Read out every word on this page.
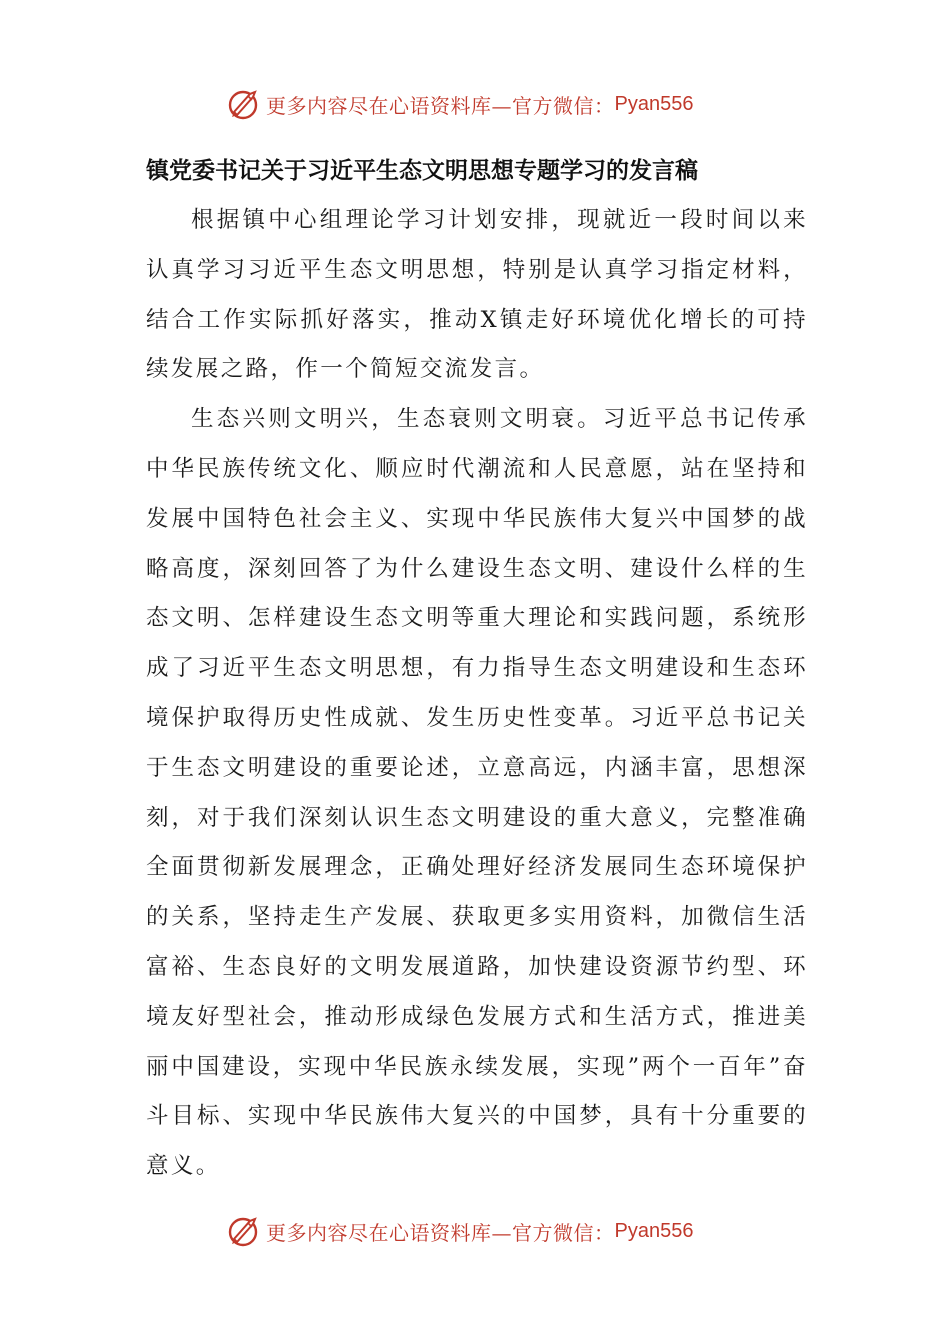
更多内容尽在心语资料库—官方微信： Pyan556
镇党委书记关于习近平生态文明思想专题学习的发言稿

根据镇中心组理论学习计划安排，现就近一段时间以来认真学习习近平生态文明思想，特别是认真学习指定材料，结合工作实际抓好落实，推动X镇走好环境优化增长的可持续发展之路，作一个简短交流发言。

生态兴则文明兴，生态衰则文明衰。习近平总书记传承中华民族传统文化、顺应时代潮流和人民意愿，站在坚持和发展中国特色社会主义、实现中华民族伟大复兴中国梦的战略高度，深刻回答了为什么建设生态文明、建设什么样的生态文明、怎样建设生态文明等重大理论和实践问题，系统形成了习近平生态文明思想，有力指导生态文明建设和生态环境保护取得历史性成就、发生历史性变革。习近平总书记关于生态文明建设的重要论述，立意高远，内涵丰富，思想深刻，对于我们深刻认识生态文明建设的重大意义，完整准确全面贯彻新发展理念，正确处理好经济发展同生态环境保护的关系，坚持走生产发展、获取更多实用资料，加微信生活富裕、生态良好的文明发展道路，加快建设资源节约型、环境友好型社会，推动形成绿色发展方式和生活方式，推进美丽中国建设，实现中华民族永续发展，实现”两个一百年”奋斗目标、实现中华民族伟大复兴的中国梦，具有十分重要的意义。

更多内容尽在心语资料库—官方微信： Pyan556
